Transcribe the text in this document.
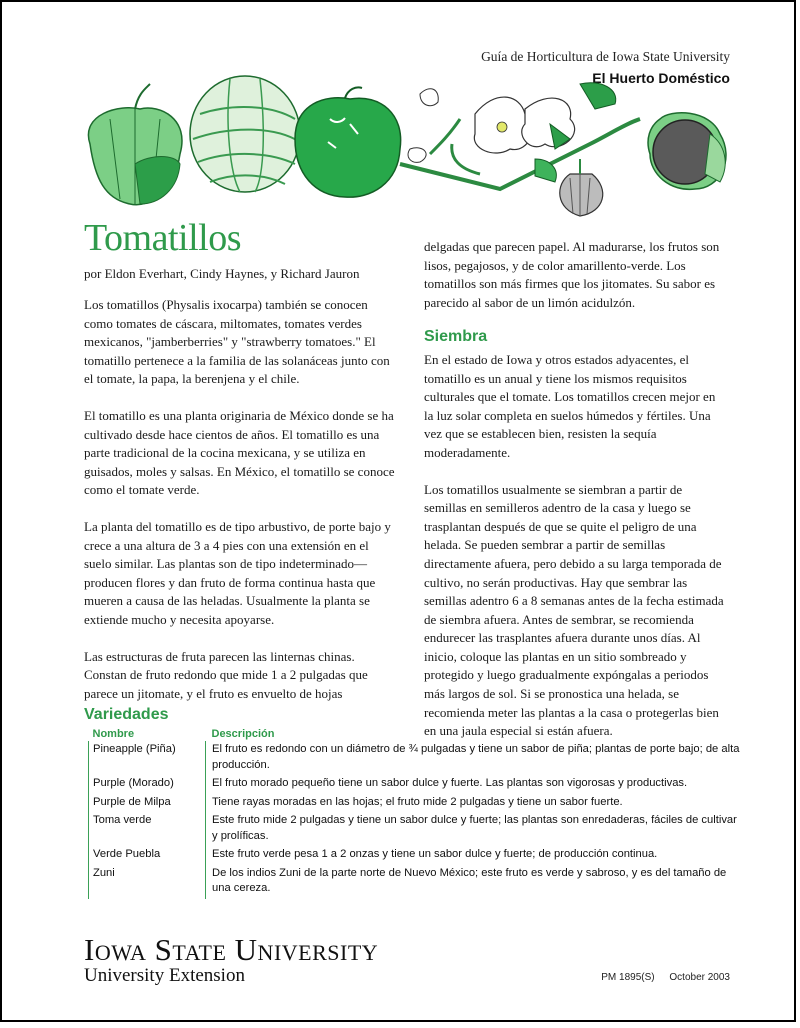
Guía de Horticultura de Iowa State University
El Huerto Doméstico
Tomatillos
por Eldon Everhart, Cindy Haynes, y Richard Jauron

Los tomatillos (Physalis ixocarpa) también se conocen como tomates de cáscara, miltomates, tomates verdes mexicanos, "jamberberries" y "strawberry tomatoes." El tomatillo pertenece a la familia de las solanáceas junto con el tomate, la papa, la berenjena y el chile.

El tomatillo es una planta originaria de México donde se ha cultivado desde hace cientos de años. El tomatillo es una parte tradicional de la cocina mexicana, y se utiliza en guisados, moles y salsas. En México, el tomatillo se conoce como el tomate verde.

La planta del tomatillo es de tipo arbustivo, de porte bajo y crece a una altura de 3 a 4 pies con una extensión en el suelo similar. Las plantas son de tipo indeterminado—producen flores y dan fruto de forma continua hasta que mueren a causa de las heladas. Usualmente la planta se extiende mucho y necesita apoyarse.

Las estructuras de fruta parecen las linternas chinas. Constan de fruto redondo que mide 1 a 2 pulgadas que parece un jitomate, y el fruto es envuelto de hojas

delgadas que parecen papel. Al madurarse, los frutos son lisos, pegajosos, y de color amarillento-verde. Los tomatillos son más firmes que los jitomates. Su sabor es parecido al sabor de un limón acidulzón.

Siembra

En el estado de Iowa y otros estados adyacentes, el tomatillo es un anual y tiene los mismos requisitos culturales que el tomate. Los tomatillos crecen mejor en la luz solar completa en suelos húmedos y fértiles. Una vez que se establecen bien, resisten la sequía moderadamente.

Los tomatillos usualmente se siembran a partir de semillas en semilleros adentro de la casa y luego se trasplantan después de que se quite el peligro de una helada. Se pueden sembrar a partir de semillas directamente afuera, pero debido a su larga temporada de cultivo, no serán productivas. Hay que sembrar las semillas adentro 6 a 8 semanas antes de la fecha estimada de siembra afuera. Antes de sembrar, se recomienda endurecer las trasplantes afuera durante unos días. Al inicio, coloque las plantas en un sitio sombreado y protegido y luego gradualmente expóngalas a periodos más largos de sol. Si se pronostica una helada, se recomienda meter las plantas a la casa o protegerlas bien en una jaula especial si están afuera.

Variedades
Nombre	Descripción
Pineapple (Piña)	El fruto es redondo con un diámetro de ¾ pulgadas y tiene un sabor de piña; plantas de porte bajo; de alta producción.
Purple (Morado)	El fruto morado pequeño tiene un sabor dulce y fuerte. Las plantas son vigorosas y productivas.
Purple de Milpa	Tiene rayas moradas en las hojas; el fruto mide 2 pulgadas y tiene un sabor fuerte.
Toma verde	Este fruto mide 2 pulgadas y tiene un sabor dulce y fuerte; las plantas son enredaderas, fáciles de cultivar y prolíficas.
Verde Puebla	Este fruto verde pesa 1 a 2 onzas y tiene un sabor dulce y fuerte; de producción continua.
Zuni	De los indios Zuni de la parte norte de Nuevo México; este fruto es verde y sabroso, y es del tamaño de una cereza.
Iowa State University
University Extension	PM 1895(S) October 2003
